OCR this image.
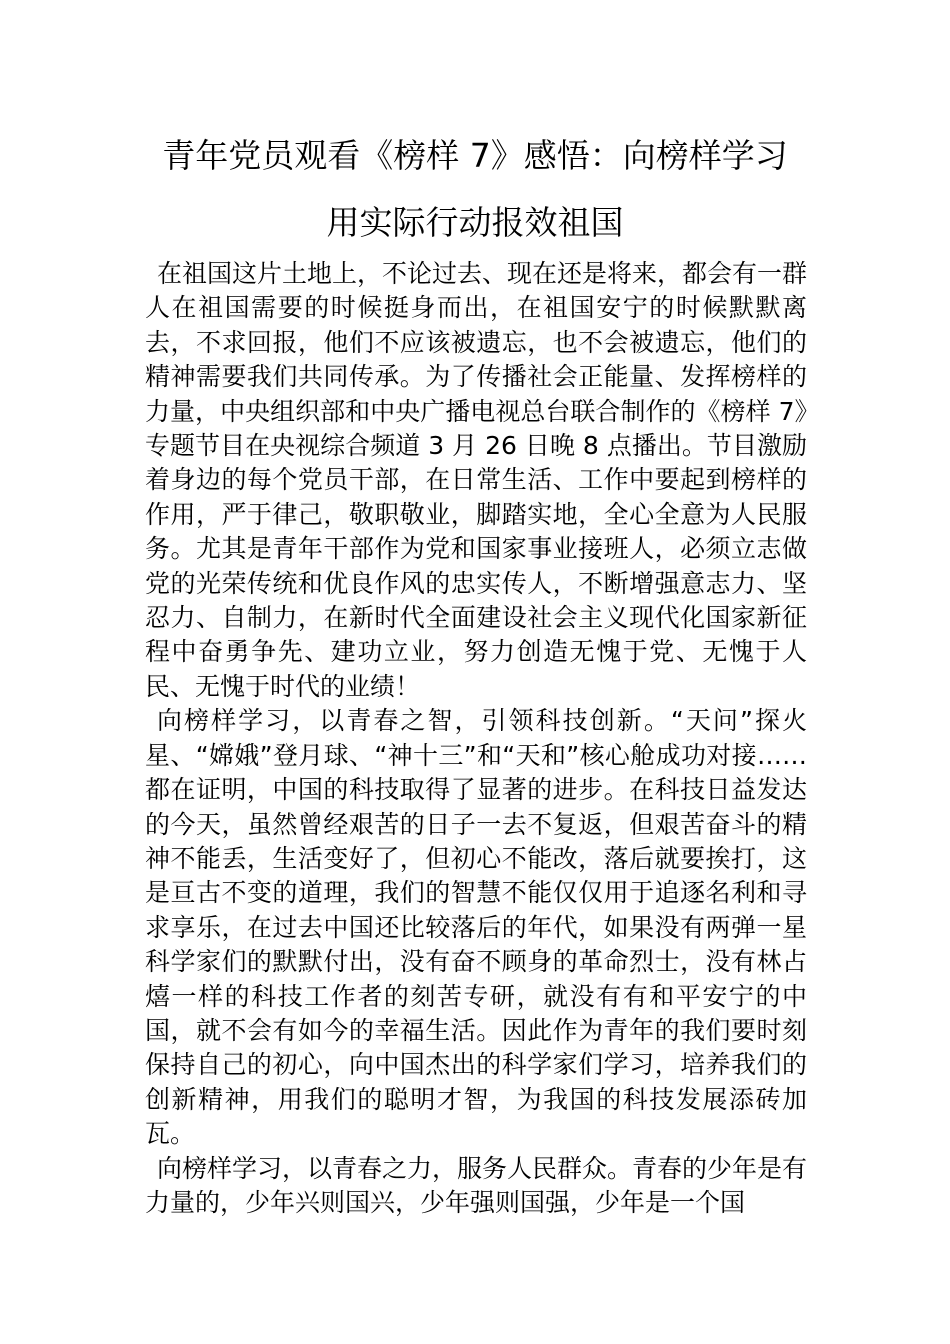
青年党员观看《榜样 7》感悟：向榜样学习
用实际行动报效祖国

在祖国这片土地上，不论过去、现在还是将来，都会有一群人在祖国需要的时候挺身而出，在祖国安宁的时候默默离去，不求回报，他们不应该被遗忘，也不会被遗忘，他们的精神需要我们共同传承。为了传播社会正能量、发挥榜样的力量，中央组织部和中央广播电视总台联合制作的《榜样 7》专题节目在央视综合频道 3 月 26 日晚 8 点播出。节目激励着身边的每个党员干部，在日常生活、工作中要起到榜样的作用，严于律己，敬职敬业，脚踏实地，全心全意为人民服务。尤其是青年干部作为党和国家事业接班人，必须立志做党的光荣传统和优良作风的忠实传人，不断增强意志力、坚忍力、自制力，在新时代全面建设社会主义现代化国家新征程中奋勇争先、建功立业，努力创造无愧于党、无愧于人民、无愧于时代的业绩！

向榜样学习，以青春之智，引领科技创新。“天问”探火星、“嫦娥”登月球、“神十三”和“天和”核心舱成功对接……都在证明，中国的科技取得了显著的进步。在科技日益发达的今天，虽然曾经艰苦的日子一去不复返，但艰苦奋斗的精神不能丢，生活变好了，但初心不能改，落后就要挨打，这是亘古不变的道理，我们的智慧不能仅仅用于追逐名利和寻求享乐，在过去中国还比较落后的年代，如果没有两弹一星科学家们的默默付出，没有奋不顾身的革命烈士，没有林占熺一样的科技工作者的刻苦专研，就没有有和平安宁的中国，就不会有如今的幸福生活。因此作为青年的我们要时刻保持自己的初心，向中国杰出的科学家们学习，培养我们的创新精神，用我们的聪明才智，为我国的科技发展添砖加瓦。

向榜样学习，以青春之力，服务人民群众。青春的少年是有力量的，少年兴则国兴，少年强则国强，少年是一个国
